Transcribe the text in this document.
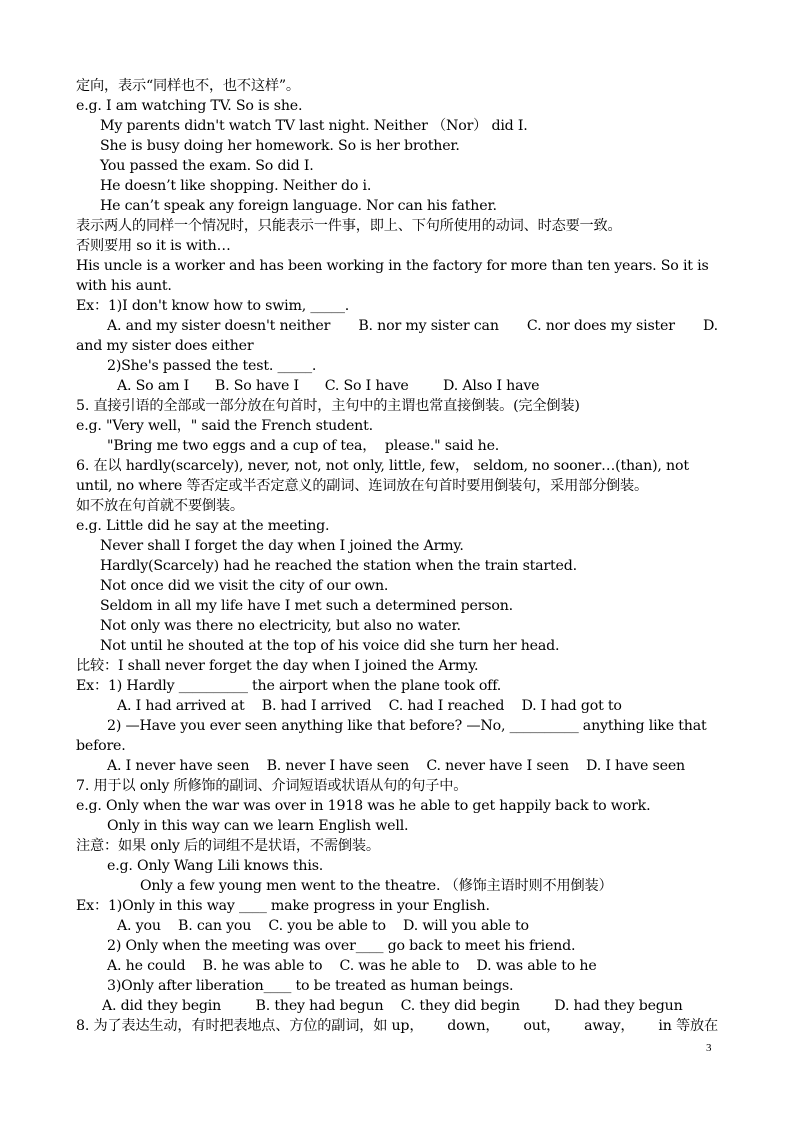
定向，表示“同样也不，也不这样”。
e.g. I am watching TV. So is she.
My parents didn't watch TV last night. Neither （Nor） did I.
She is busy doing her homework. So is her brother.
You passed the exam. So did I.
He doesn’t like shopping. Neither do i.
He can’t speak any foreign language. Nor can his father.
表示两人的同样一个情况时，只能表示一件事，即上、下句所使用的动词、时态要一致。
否则要用 so it is with…
His uncle is a worker and has been working in the factory for more than ten years. So it is
with his aunt.
Ex：1)I don't know how to swim, _____.
A. and my sister doesn't neither B. nor my sister can C. nor does my sister D.
and my sister does either
2)She's passed the test. _____.
A. So am I      B. So have I      C. So I have        D. Also I have
5. 直接引语的全部或一部分放在句首时，主句中的主谓也常直接倒装。(完全倒装)
e.g. "Very well，" said the French student.
"Bring me two eggs and a cup of tea，  please." said he.
6. 在以 hardly(scarcely), never, not, not only, little, few， seldom, no sooner…(than), not
until, no where 等否定或半否定意义的副词、连词放在句首时要用倒装句，采用部分倒装。
如不放在句首就不要倒装。
e.g. Little did he say at the meeting.
Never shall I forget the day when I joined the Army.
Hardly(Scarcely) had he reached the station when the train started.
Not once did we visit the city of our own.
Seldom in all my life have I met such a determined person.
Not only was there no electricity, but also no water.
Not until he shouted at the top of his voice did she turn her head.
比较：I shall never forget the day when I joined the Army.
Ex：1) Hardly __________ the airport when the plane took off.
A. I had arrived at    B. had I arrived    C. had I reached    D. I had got to
2) —Have you ever seen anything like that before? —No, __________ anything like that
before.
A. I never have seen    B. never I have seen    C. never have I seen    D. I have seen
7. 用于以 only 所修饰的副词、介词短语或状语从句的句子中。
e.g. Only when the war was over in 1918 was he able to get happily back to work.
Only in this way can we learn English well.
注意：如果 only 后的词组不是状语，不需倒装。
e.g. Only Wang Lili knows this.
Only a few young men went to the theatre. （修饰主语时则不用倒装）
Ex：1)Only in this way ____ make progress in your English.
A. you    B. can you    C. you be able to    D. will you able to
2) Only when the meeting was over____ go back to meet his friend.
A. he could    B. he was able to    C. was he able to    D. was able to he
3)Only after liberation____ to be treated as human beings.
A. did they begin        B. they had begun    C. they did begin        D. had they begun
8. 为了表达生动，有时把表地点、方位的副词，如 up， down， out， away， in 等放在
3
